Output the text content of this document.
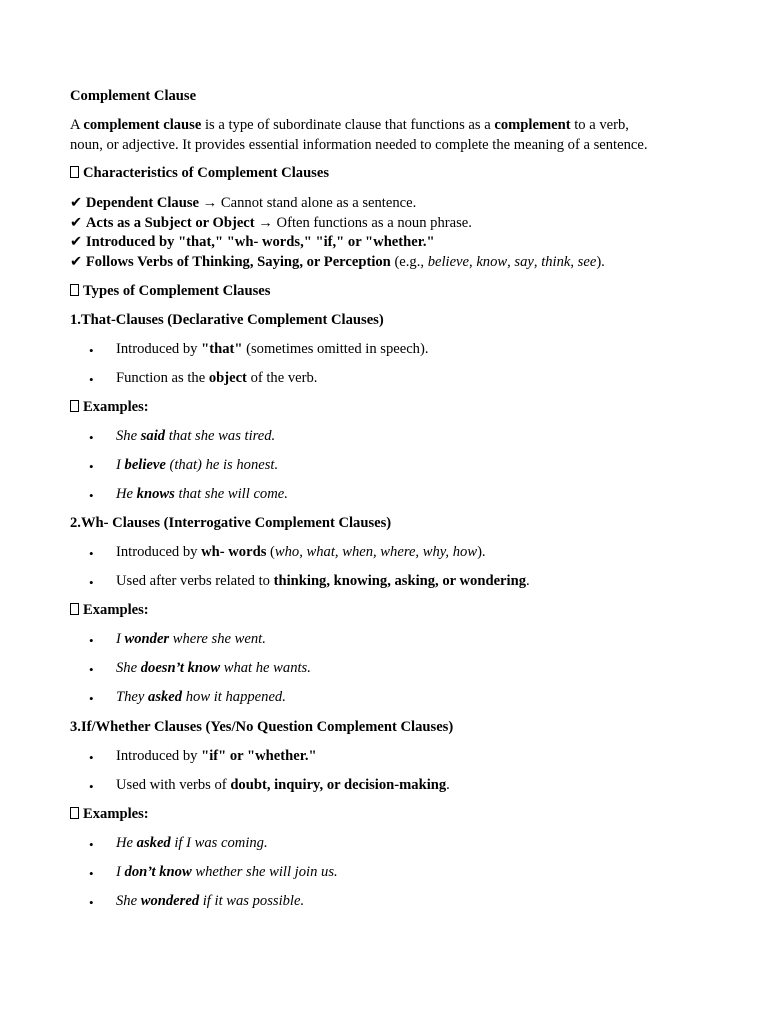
Complement Clause
A complement clause is a type of subordinate clause that functions as a complement to a verb,
noun, or adjective. It provides essential information needed to complete the meaning of a sentence.
Characteristics of Complement Clauses
✔ Dependent Clause → Cannot stand alone as a sentence.
✔ Acts as a Subject or Object → Often functions as a noun phrase.
✔ Introduced by "that," "wh- words," "if," or "whether."
✔ Follows Verbs of Thinking, Saying, or Perception (e.g., believe, know, say, think, see).
Types of Complement Clauses
1.That-Clauses (Declarative Complement Clauses)
• Introduced by "that" (sometimes omitted in speech).
• Function as the object of the verb.
Examples:
• She said that she was tired.
• I believe (that) he is honest.
• He knows that she will come.
2.Wh- Clauses (Interrogative Complement Clauses)
• Introduced by wh- words (who, what, when, where, why, how).
• Used after verbs related to thinking, knowing, asking, or wondering.
Examples:
• I wonder where she went.
• She doesn’t know what he wants.
• They asked how it happened.
3.If/Whether Clauses (Yes/No Question Complement Clauses)
• Introduced by "if" or "whether."
• Used with verbs of doubt, inquiry, or decision-making.
Examples:
• He asked if I was coming.
• I don’t know whether she will join us.
• She wondered if it was possible.
